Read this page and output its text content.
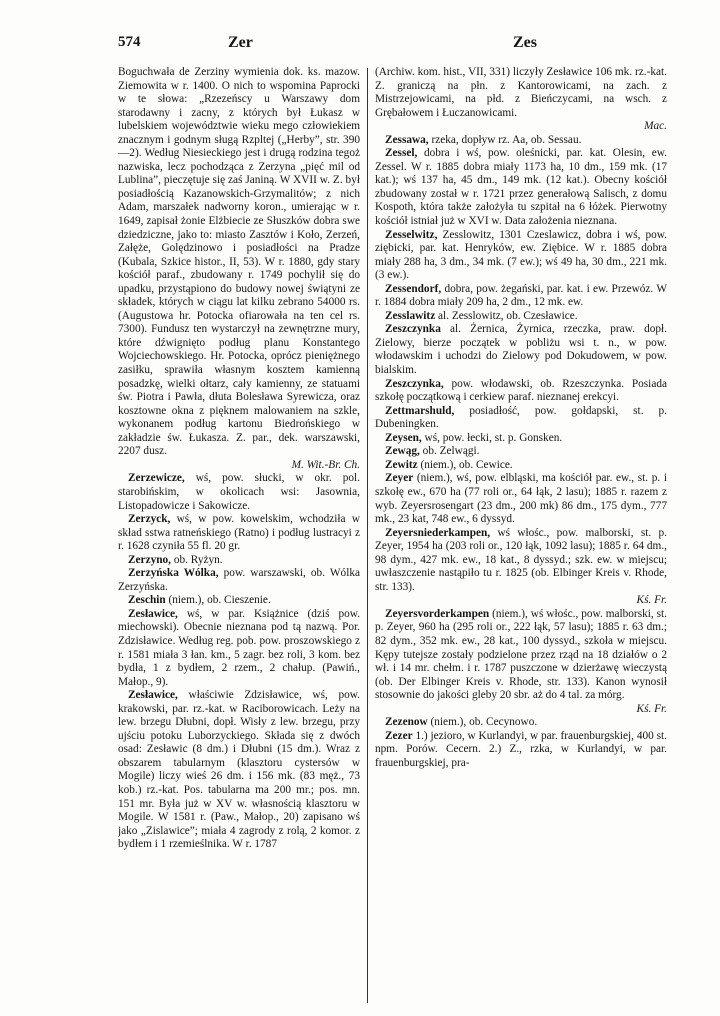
574	Zer	Zes

Boguchwała de Zerziny wymienia dok. ks. mazow. Ziemowita w r. 1400. O nich to wspomina Paprocki w te słowa: „Rzezeńscy u Warszawy dom starodawny i zacny, z których był Łukasz w lubelskiem województwie wieku mego człowiekiem znacznym i godnym sługą Rzpltej („Herby”, str. 390—2). Według Niesieckiego jest i drugą rodzina tegoż nazwiska, lecz pochodząca z Zerzyna „pięć mil od Lublina”, pieczętuje się zaś Janiną. W XVII w. Z. był posiadłością Kazanowskich-Grzymalitów; z nich Adam, marszałek nadworny koron., umierając w r. 1649, zapisał żonie Elżbiecie ze Słuszków dobra swe dziedziczne, jako to: miasto Zasztów i Koło, Zerzeń, Załęże, Golędzinowo i posiadłości na Pradze (Kubala, Szkice histor., II, 53). W r. 1880, gdy stary kościół paraf., zbudowany r. 1749 pochylił się do upadku, przystąpiono do budowy nowej świątyni ze składek, których w ciągu lat kilku zebrano 54000 rs. (Augustowa hr. Potocka ofiarowała na ten cel rs. 7300). Fundusz ten wystarczył na zewnętrzne mury, które dźwignięto podług planu Konstantego Wojciechowskiego. Hr. Potocka, oprócz pieniężnego zasiłku, sprawiła własnym kosztem kamienną posadzkę, wielki ołtarz, cały kamienny, ze statuami św. Piotra i Pawła, dłuta Bolesława Syrewicza, oraz kosztowne okna z pięknem malowaniem na szkle, wykonanem podług kartonu Biedrońskiego w zakładzie św. Łukasza. Z. par., dek. warszawski, 2207 dusz.
M. Wit.-Br. Ch.

Zerzewicze, wś, pow. słucki, w okr. pol. starobińskim, w okolicach wsi: Jasownia, Listopadowicze i Sakowicze.

Zerzyck, wś, w pow. kowelskim, wchodziła w skład sstwa ratneńskiego (Ratno) i podług lustracyi z r. 1628 czyniła 55 fl. 20 gr.

Zerzyno, ob. Ryżyn.

Zerzyńska Wólka, pow. warszawski, ob. Wólka Zerzyńska.

Zeschin (niem.), ob. Cieszenie.

Zesławice, wś, w par. Książnice (dziś pow. miechowski). Obecnie nieznana pod tą nazwą. Por. Zdzisławice. Według reg. pob. pow. proszowskiego z r. 1581 miała 3 łan. km., 5 zagr. bez roli, 3 kom. bez bydła, 1 z bydłem, 2 rzem., 2 chałup. (Pawiń., Małop., 9).

Zesławice, właściwie Zdzisławice, wś, pow. krakowski, par. rz.-kat. w Raciborowicach. Leży na lew. brzegu Dłubni, dopł. Wisły z lew. brzegu, przy ujściu potoku Luborzyckiego. Składa się z dwóch osad: Zesławic (8 dm.) i Dłubni (15 dm.). Wraz z obszarem tabularnym (klasztoru cystersów w Mogile) liczy wieś 26 dm. i 156 mk. (83 męż., 73 kob.) rz.-kat. Pos. tabularna ma 200 mr.; pos. mn. 151 mr. Była już w XV w. własnością klasztoru w Mogile. W 1581 r. (Paw., Małop., 20) zapisano wś jako „Zislawice”; miała 4 zagrody z rolą, 2 komor. z bydłem i 1 rzemieślnika. W r. 1787

(Archiw. kom. hist., VII, 331) liczyły Zesławice 106 mk. rz.-kat. Z. graniczą na płn. z Kantorowicami, na zach. z Mistrzejowicami, na płd. z Bieńczycami, na wsch. z Grębałowem i Łuczanowicami.
Mac.

Zessawa, rzeka, dopływ rz. Aa, ob. Sessau.

Zessel, dobra i wś, pow. oleśnicki, par. kat. Olesin, ew. Zessel. W r. 1885 dobra miały 1173 ha, 10 dm., 159 mk. (17 kat.); wś 137 ha, 45 dm., 149 mk. (12 kat.). Obecny kościół zbudowany został w r. 1721 przez generałową Salisch, z domu Kospoth, która także założyła tu szpitał na 6 łóżek. Pierwotny kościół istniał już w XVI w. Data założenia nieznana.

Zesselwitz, Zesslowitz, 1301 Czeslawicz, dobra i wś, pow. ziębicki, par. kat. Henryków, ew. Ziębice. W r. 1885 dobra miały 288 ha, 3 dm., 34 mk. (7 ew.); wś 49 ha, 30 dm., 221 mk. (3 ew.).

Zessendorf, dobra, pow. żegański, par. kat. i ew. Przewóz. W r. 1884 dobra miały 209 ha, 2 dm., 12 mk. ew.

Zesslawitz al. Zesslowitz, ob. Czesławice.

Zeszczynka al. Żernica, Żyrnica, rzeczka, praw. dopł. Zielowy, bierze początek w pobliżu wsi t. n., w pow. włodawskim i uchodzi do Zielowy pod Dokudowem, w pow. bialskim.

Zeszczynka, pow. włodawski, ob. Rzeszczynka. Posiada szkołę początkową i cerkiew paraf. nieznanej erekcyi.

Zettmarshuld, posiadłość, pow. gołdapski, st. p. Dubeningken.

Zeysen, wś, pow. łecki, st. p. Gonsken.

Zewąg, ob. Zelwągi.

Zewitz (niem.), ob. Cewice.

Zeyer (niem.), wś, pow. elbląski, ma kościół par. ew., st. p. i szkołę ew., 670 ha (77 roli or., 64 łąk, 2 lasu); 1885 r. razem z wyb. Zeyersrosengart (23 dm., 200 mk) 86 dm., 175 dym., 777 mk., 23 kat, 748 ew., 6 dyssyd.

Zeyersniederkampen, wś włośc., pow. malborski, st. p. Zeyer, 1954 ha (203 roli or., 120 łąk, 1092 lasu); 1885 r. 64 dm., 98 dym., 427 mk. ew., 18 kat., 8 dyssyd.; szk. ew. w miejscu; uwłaszczenie nastąpiło tu r. 1825 (ob. Elbinger Kreis v. Rhode, str. 133).
Kś. Fr.

Zeyersvorderkampen (niem.), wś włośc., pow. malborski, st. p. Zeyer, 960 ha (295 roli or., 222 łąk, 57 lasu); 1885 r. 63 dm.; 82 dym., 352 mk. ew., 28 kat., 100 dyssyd., szkoła w miejscu. Kępy tutejsze zostały podzielone przez rząd na 18 działów o 2 wł. i 14 mr. chełm. i r. 1787 puszczone w dzierżawę wieczystą (ob. Der Elbinger Kreis v. Rhode, str. 133). Kanon wynosił stosownie do jakości gleby 20 sbr. aż do 4 tal. za mórg.
Kś. Fr.

Zezenow (niem.), ob. Cecynowo.

Zezer 1.) jezioro, w Kurlandyi, w par. frauenburgskiej, 400 st. npm. Porów. Cecern. 2.) Z., rzka, w Kurlandyi, w par. frauenburgskiej, pra-
